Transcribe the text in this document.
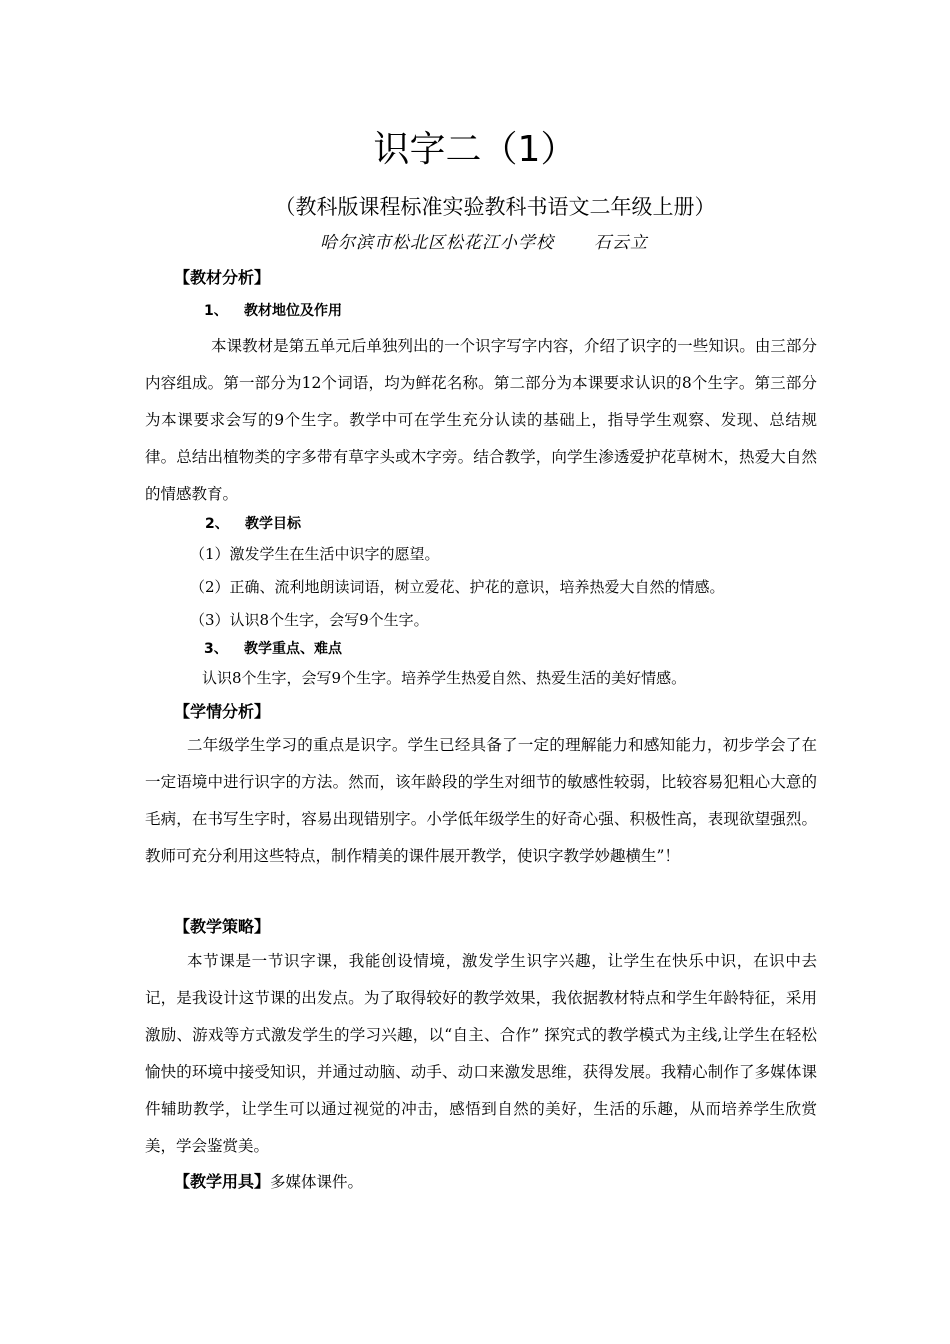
识字二（1）
（教科版课程标准实验教科书语文二年级上册）
哈尔滨市松北区松花江小学校 石云立
【教材分析】
1、 教材地位及作用
本课教材是第五单元后单独列出的一个识字写字内容，介绍了识字的一些知识。由三部分内容组成。第一部分为12个词语，均为鲜花名称。第二部分为本课要求认识的8个生字。第三部分为本课要求会写的9个生字。教学中可在学生充分认读的基础上，指导学生观察、发现、总结规律。总结出植物类的字多带有草字头或木字旁。结合教学，向学生渗透爱护花草树木，热爱大自然的情感教育。
2、 教学目标
（1）激发学生在生活中识字的愿望。
（2）正确、流利地朗读词语，树立爱花、护花的意识，培养热爱大自然的情感。
（3）认识8个生字，会写9个生字。
3、 教学重点、难点
认识8个生字，会写9个生字。培养学生热爱自然、热爱生活的美好情感。
【学情分析】
二年级学生学习的重点是识字。学生已经具备了一定的理解能力和感知能力，初步学会了在一定语境中进行识字的方法。然而，该年龄段的学生对细节的敏感性较弱，比较容易犯粗心大意的毛病，在书写生字时，容易出现错别字。小学低年级学生的好奇心强、积极性高，表现欲望强烈。教师可充分利用这些特点，制作精美的课件展开教学，使识字教学妙趣横生”！
【教学策略】
本节课是一节识字课，我能创设情境，激发学生识字兴趣，让学生在快乐中识，在识中去记，是我设计这节课的出发点。为了取得较好的教学效果，我依据教材特点和学生年龄特征，采用激励、游戏等方式激发学生的学习兴趣，以“自主、合作” 探究式的教学模式为主线,让学生在轻松愉快的环境中接受知识，并通过动脑、动手、动口来激发思维，获得发展。我精心制作了多媒体课件辅助教学，让学生可以通过视觉的冲击，感悟到自然的美好，生活的乐趣，从而培养学生欣赏美，学会鉴赏美。
【教学用具】多媒体课件。
